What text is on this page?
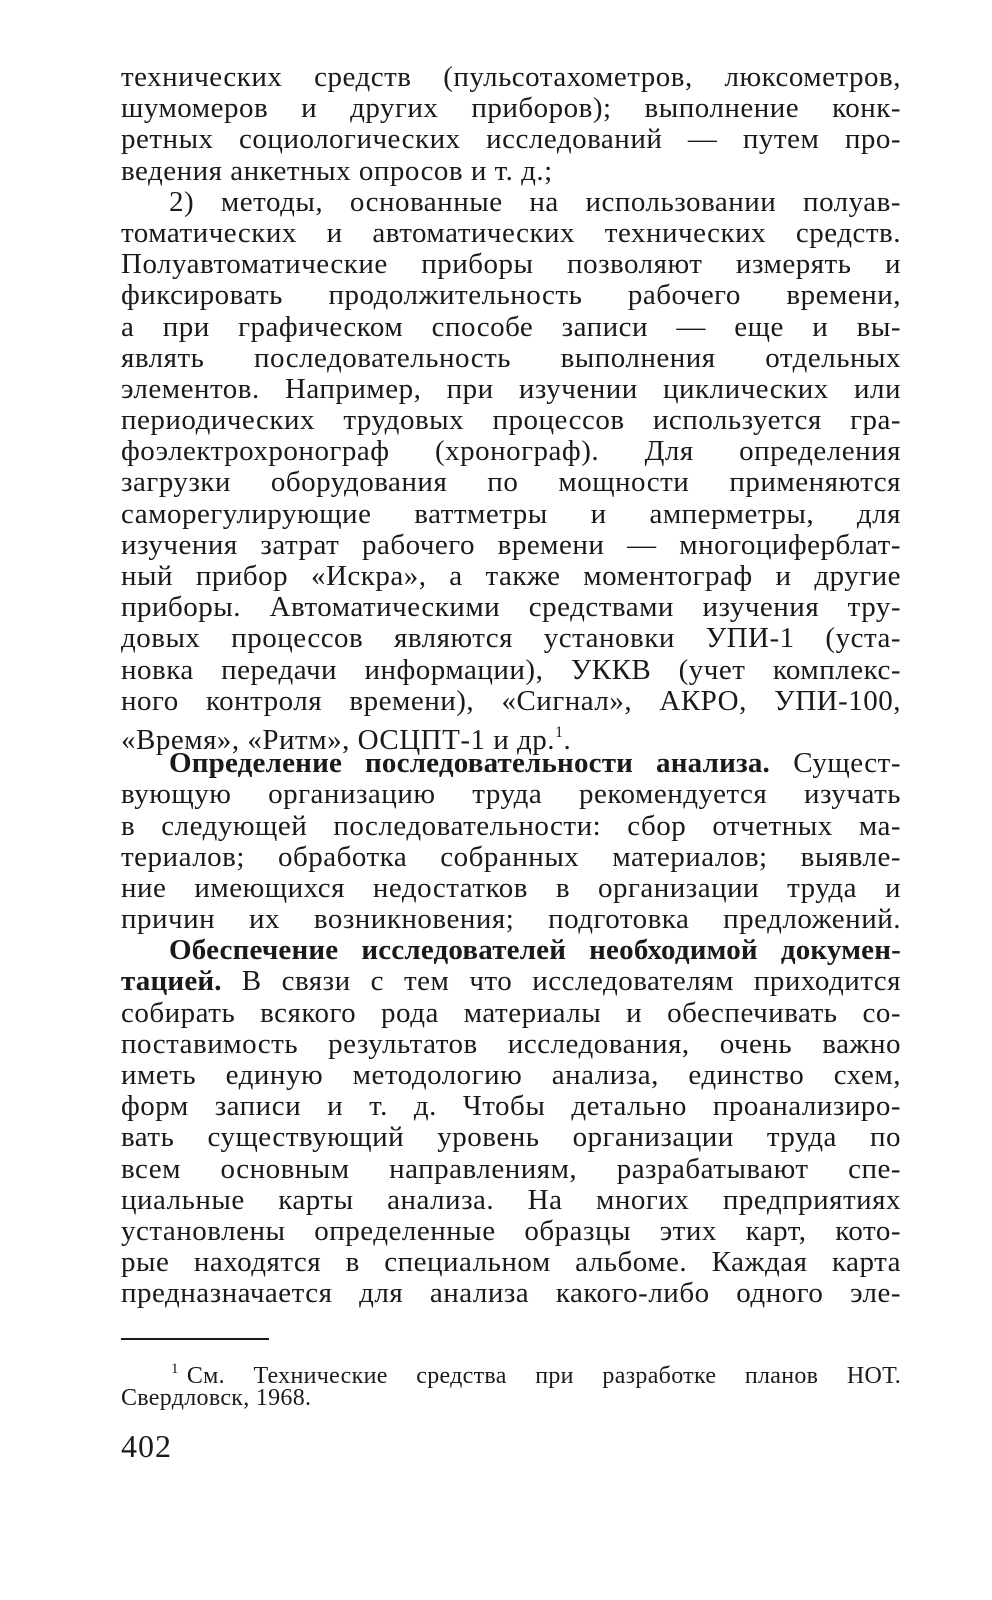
технических средств (пульсотахометров, люксометров,
шумомеров и других приборов); выполнение конк-
ретных социологических исследований — путем про-
ведения анкетных опросов и т. д.;
2) методы, основанные на использовании полуав-
томатических и автоматических технических средств.
Полуавтоматические приборы позволяют измерять и
фиксировать продолжительность рабочего времени,
а при графическом способе записи — еще и вы-
являть последовательность выполнения отдельных
элементов. Например, при изучении циклических или
периодических трудовых процессов используется гра-
фоэлектрохронограф (хронограф). Для определения
загрузки оборудования по мощности применяются
саморегулирующие ваттметры и амперметры, для
изучения затрат рабочего времени — многоциферблат-
ный прибор «Искра», а также моментограф и другие
приборы. Автоматическими средствами изучения тру-
довых процессов являются установки УПИ-1 (уста-
новка передачи информации), УККВ (учет комплекс-
ного контроля времени), «Сигнал», АКРО, УПИ-100,
«Время», «Ритм», ОСЦПТ-1 и др.$^1$.
Определение последовательности анализа. Сущест-
вующую организацию труда рекомендуется изучать
в следующей последовательности: сбор отчетных ма-
териалов; обработка собранных материалов; выявле-
ние имеющихся недостатков в организации труда и
причин их возникновения; подготовка предложений.
Обеспечение исследователей необходимой докумен-
тацией. В связи с тем что исследователям приходится
собирать всякого рода материалы и обеспечивать со-
поставимость результатов исследования, очень важно
иметь единую методологию анализа, единство схем,
форм записи и т. д. Чтобы детально проанализиро-
вать существующий уровень организации труда по
всем основным направлениям, разрабатывают спе-
циальные карты анализа. На многих предприятиях
установлены определенные образцы этих карт, кото-
рые находятся в специальном альбоме. Каждая карта
предназначается для анализа какого-либо одного эле-
$^1$ См. Технические средства при разработке планов НОТ.
Свердловск, 1968.
402
